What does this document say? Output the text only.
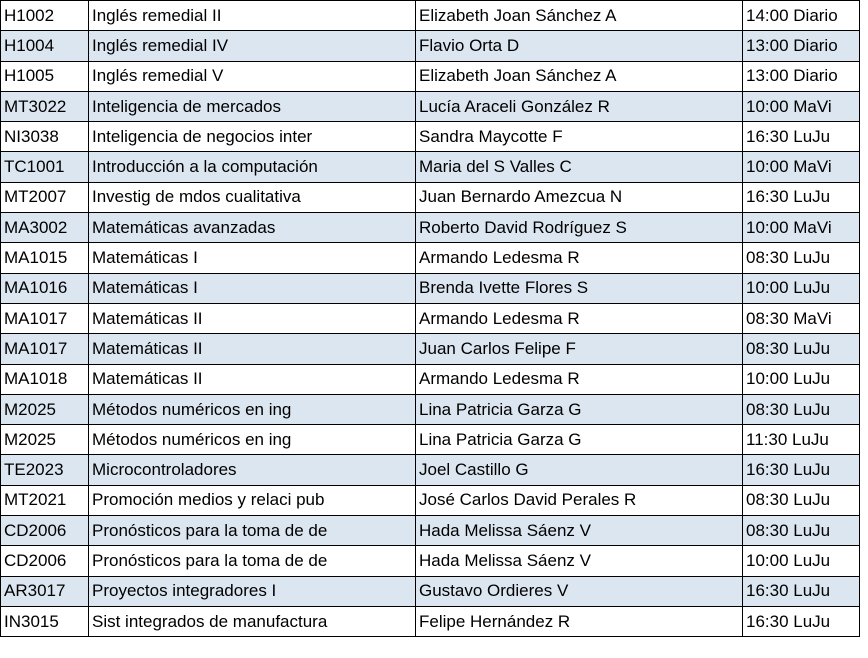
H1002	Inglés remedial II	Elizabeth Joan Sánchez A	14:00 Diario
H1004	Inglés remedial IV	Flavio Orta D	13:00 Diario
H1005	Inglés remedial V	Elizabeth Joan Sánchez A	13:00 Diario
MT3022	Inteligencia de mercados	Lucía Araceli González R	10:00 MaVi
NI3038	Inteligencia de negocios inter	Sandra Maycotte F	16:30 LuJu
TC1001	Introducción a la computación	Maria del S Valles C	10:00 MaVi
MT2007	Investig de mdos cualitativa	Juan Bernardo Amezcua N	16:30 LuJu
MA3002	Matemáticas avanzadas	Roberto David Rodríguez S	10:00 MaVi
MA1015	Matemáticas I	Armando Ledesma R	08:30 LuJu
MA1016	Matemáticas I	Brenda Ivette Flores S	10:00 LuJu
MA1017	Matemáticas II	Armando Ledesma R	08:30 MaVi
MA1017	Matemáticas II	Juan Carlos Felipe F	08:30 LuJu
MA1018	Matemáticas II	Armando Ledesma R	10:00 LuJu
M2025	Métodos numéricos en ing	Lina Patricia Garza G	08:30 LuJu
M2025	Métodos numéricos en ing	Lina Patricia Garza G	11:30 LuJu
TE2023	Microcontroladores	Joel Castillo G	16:30 LuJu
MT2021	Promoción medios y relaci pub	José Carlos David Perales R	08:30 LuJu
CD2006	Pronósticos para la toma de de	Hada Melissa Sáenz V	08:30 LuJu
CD2006	Pronósticos para la toma de de	Hada Melissa Sáenz V	10:00 LuJu
AR3017	Proyectos integradores I	Gustavo Ordieres V	16:30 LuJu
IN3015	Sist integrados de manufactura	Felipe Hernández R	16:30 LuJu
